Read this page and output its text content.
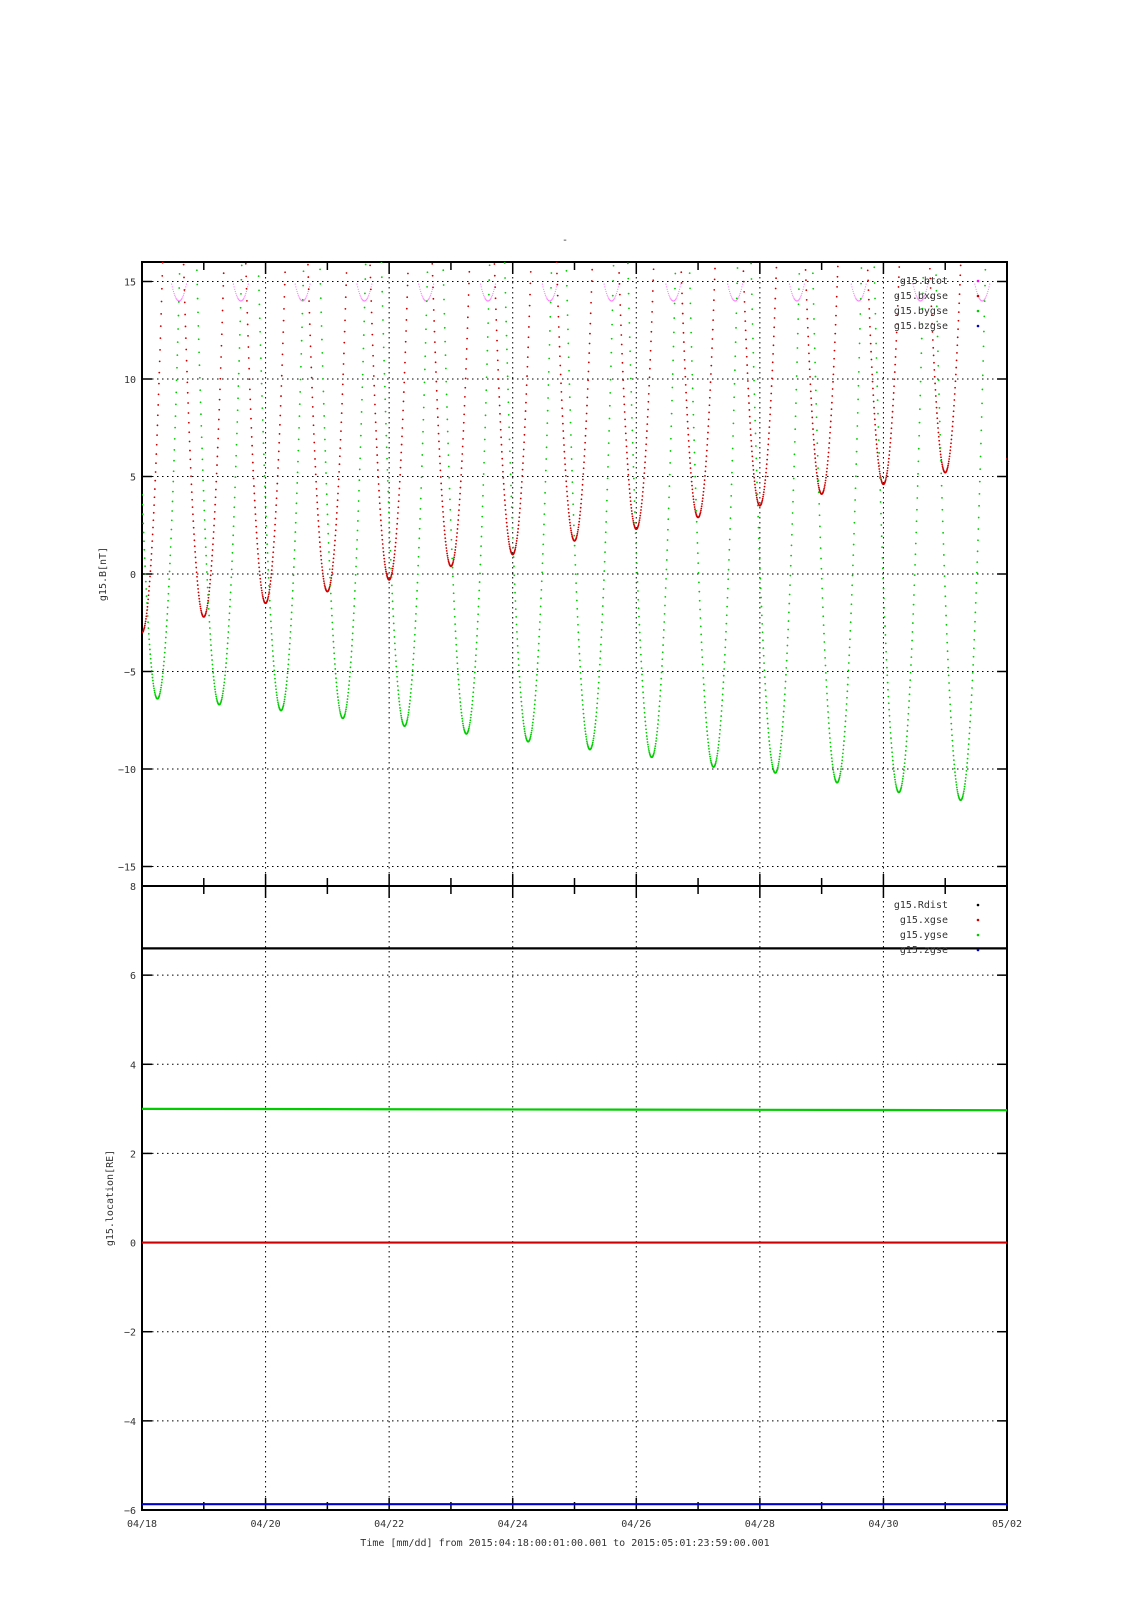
-
15
10
5
0
−5
−10
−15
g15.B[nT]
g15.btot
g15.bxgse
g15.bygse
g15.bzgse
8
6
4
2
0
−2
−4
−6
g15.location[RE]
g15.Rdist
g15.xgse
g15.ygse
g15.zgse
04/18	04/20	04/22	04/24	04/26	04/28	04/30	05/02
Time [mm/dd] from 2015:04:18:00:01:00.001 to 2015:05:01:23:59:00.001
